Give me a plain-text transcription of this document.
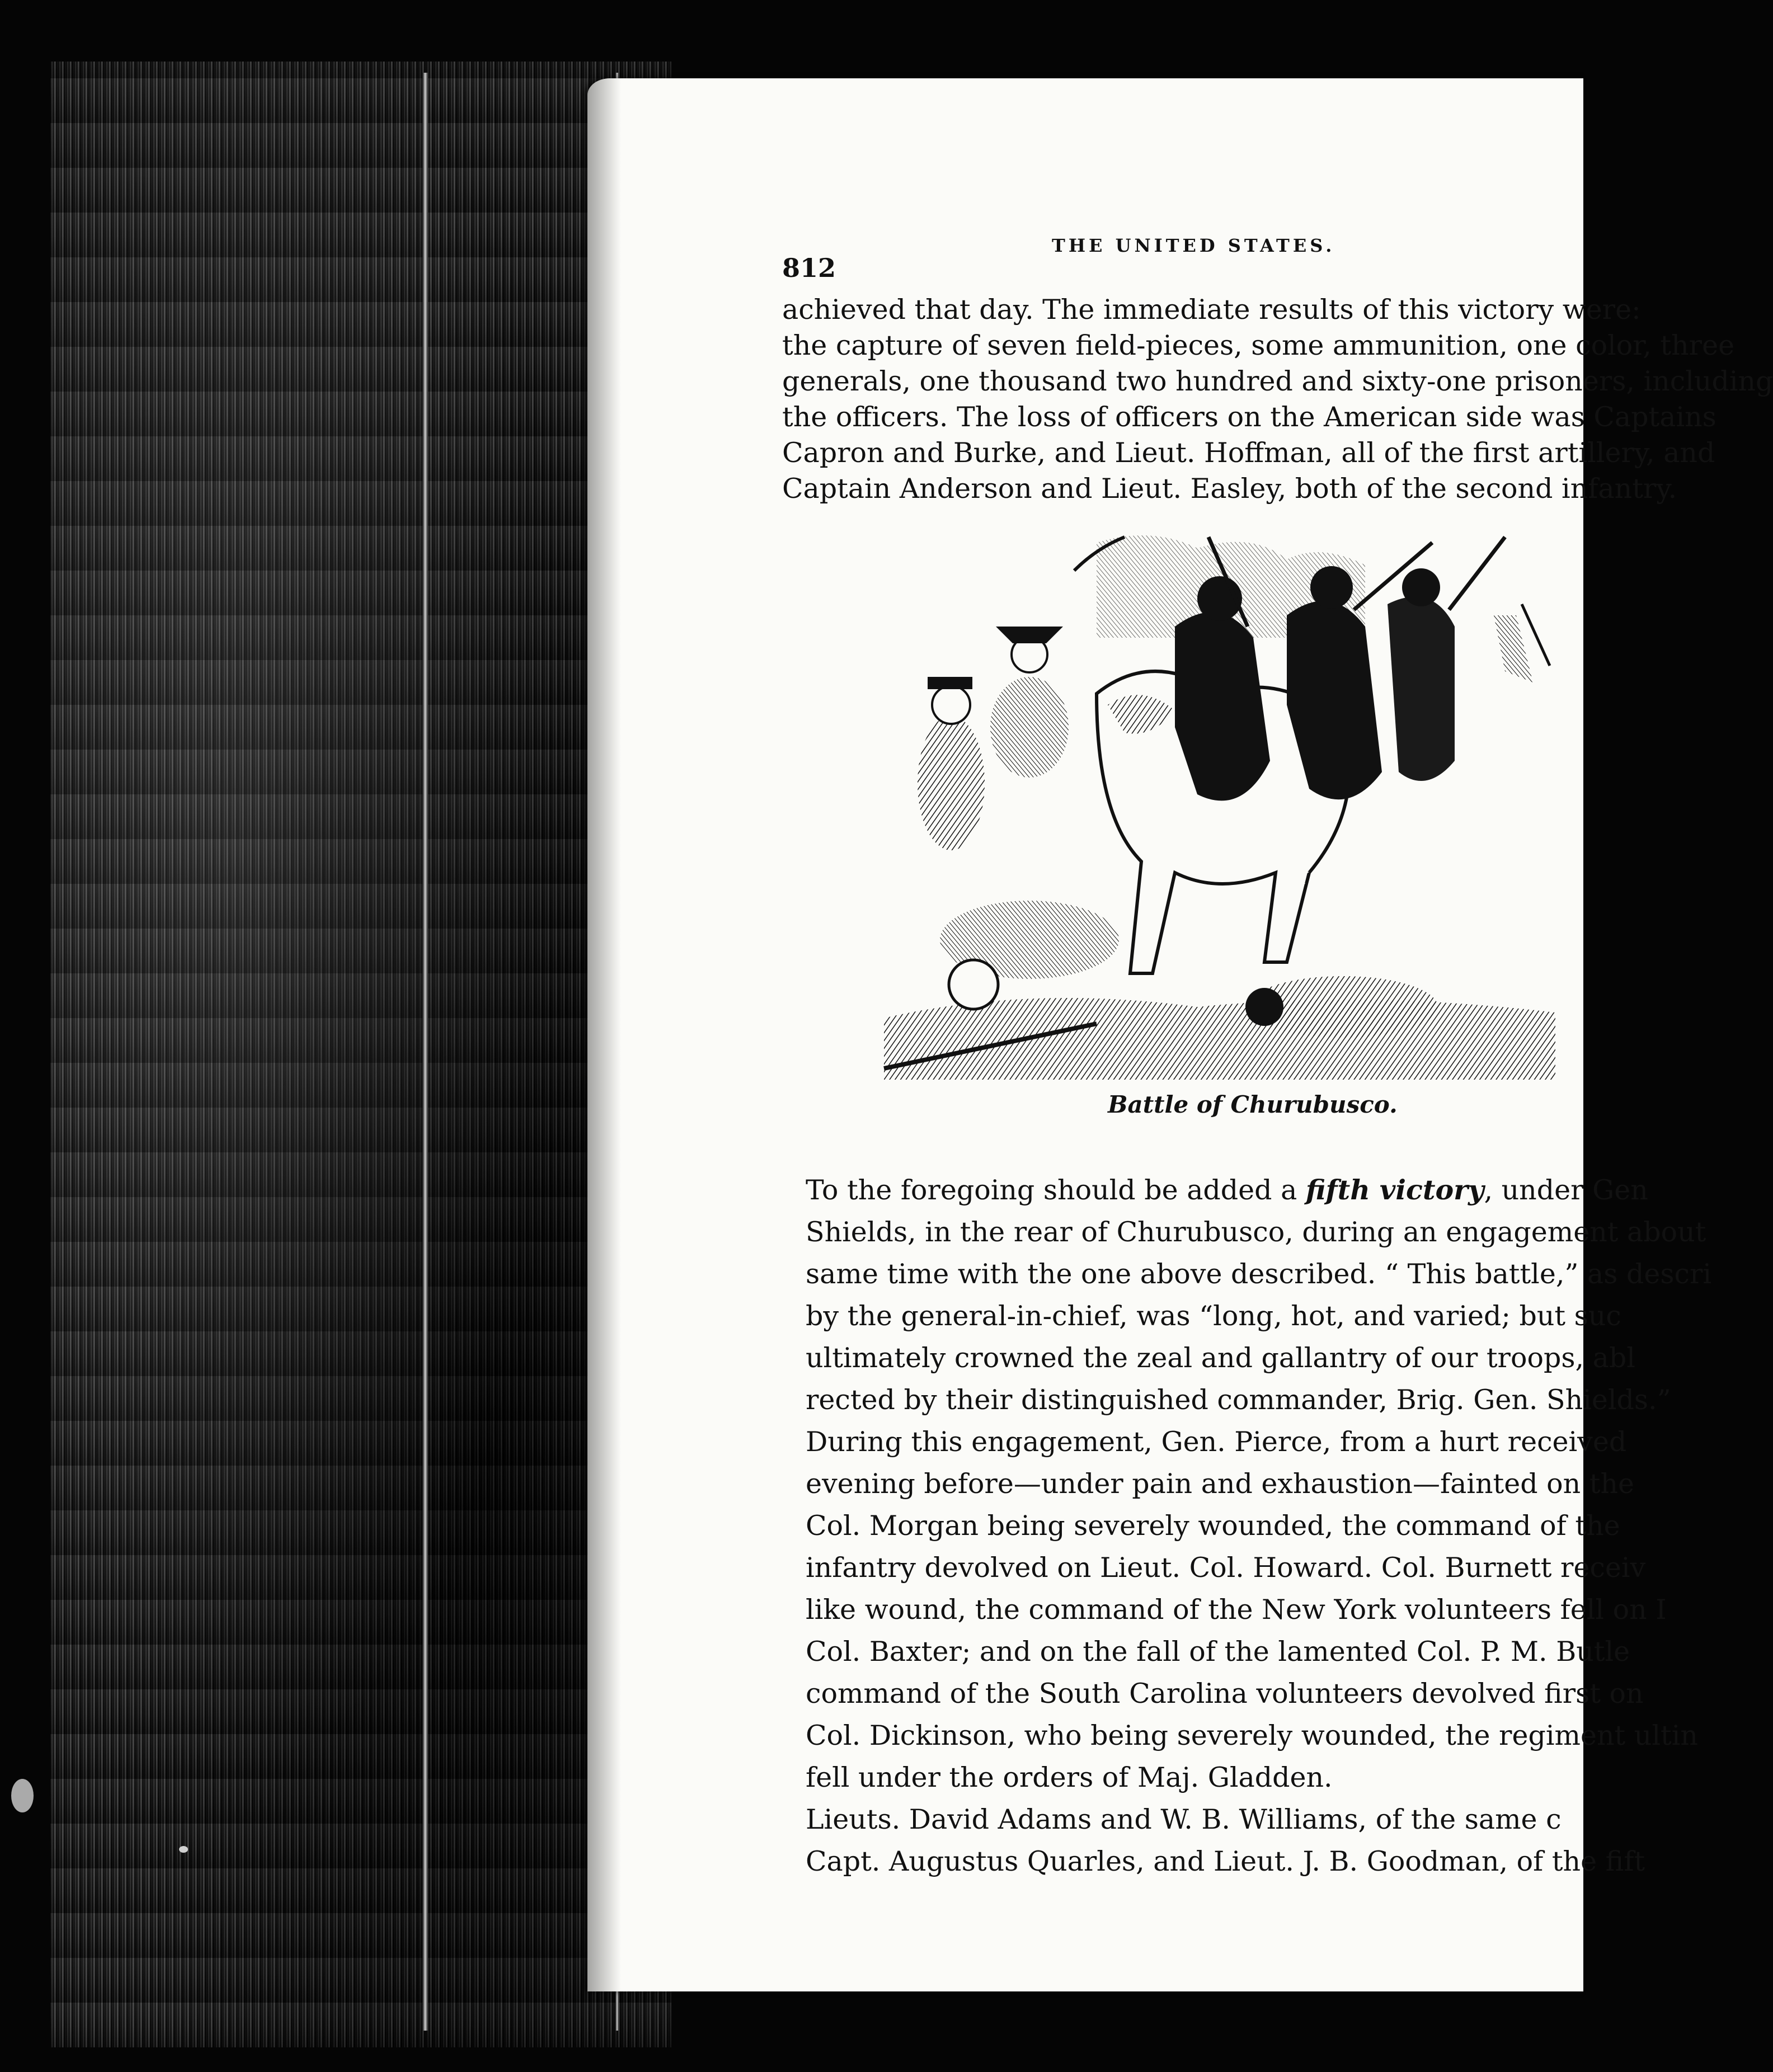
812
THE UNITED STATES.
achieved that day. The immediate results of this victory were:
the capture of seven field-pieces, some ammunition, one color, three
generals, one thousand two hundred and sixty-one prisoners, including
the officers. The loss of officers on the American side was Captains
Capron and Burke, and Lieut. Hoffman, all of the first artillery, and
Captain Anderson and Lieut. Easley, both of the second infantry.
★
★
Battle of Churubusco.
To the foregoing should be added a fifth victory, under Gen
Shields, in the rear of Churubusco, during an engagement about
same time with the one above described. “ This battle,” as descri
by the general-in-chief, was “long, hot, and varied; but suc
ultimately crowned the zeal and gallantry of our troops, abl
rected by their distinguished commander, Brig. Gen. Shields.”
During this engagement, Gen. Pierce, from a hurt received
evening before—under pain and exhaustion—fainted on the
Col. Morgan being severely wounded, the command of the
infantry devolved on Lieut. Col. Howard. Col. Burnett receiv
like wound, the command of the New York volunteers fell on I
Col. Baxter; and on the fall of the lamented Col. P. M. Butle
command of the South Carolina volunteers devolved first on
Col. Dickinson, who being severely wounded, the regiment ultin
fell under the orders of Maj. Gladden.
Lieuts. David Adams and W. B. Williams, of the same c
Capt. Augustus Quarles, and Lieut. J. B. Goodman, of the fift
